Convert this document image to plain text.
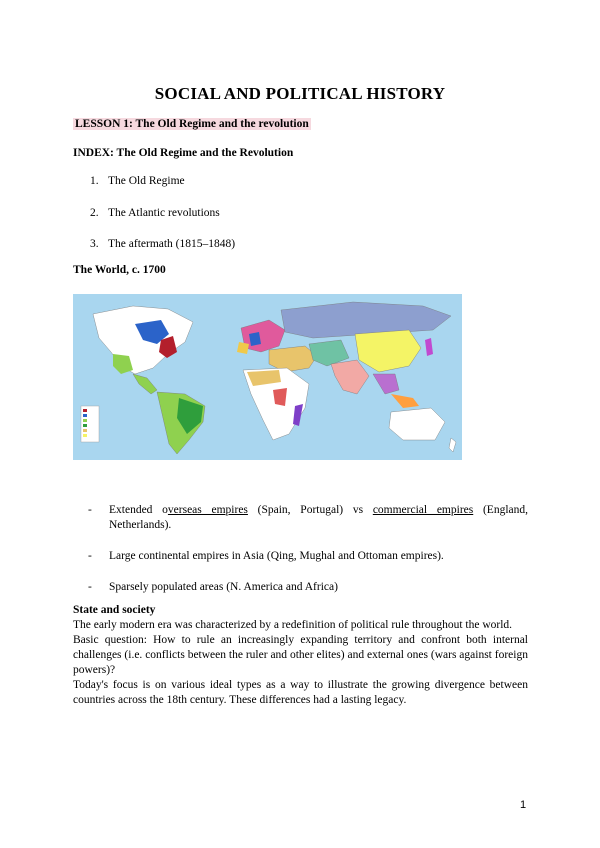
SOCIAL AND POLITICAL HISTORY
LESSON 1: The Old Regime and the revolution
INDEX: The Old Regime and the Revolution
1. The Old Regime
2. The Atlantic revolutions
3. The aftermath (1815–1848)
The World, c. 1700
- Extended overseas empires (Spain, Portugal) vs commercial empires (England, Netherlands).
- Large continental empires in Asia (Qing, Mughal and Ottoman empires).
- Sparsely populated areas (N. America and Africa)
State and society

The early modern era was characterized by a redefinition of political rule throughout the world.

Basic question: How to rule an increasingly expanding territory and confront both internal challenges (i.e. conflicts between the ruler and other elites) and external ones (wars against foreign powers)?

Today's focus is on various ideal types as a way to illustrate the growing divergence between countries across the 18th century. These differences had a lasting legacy.

1
